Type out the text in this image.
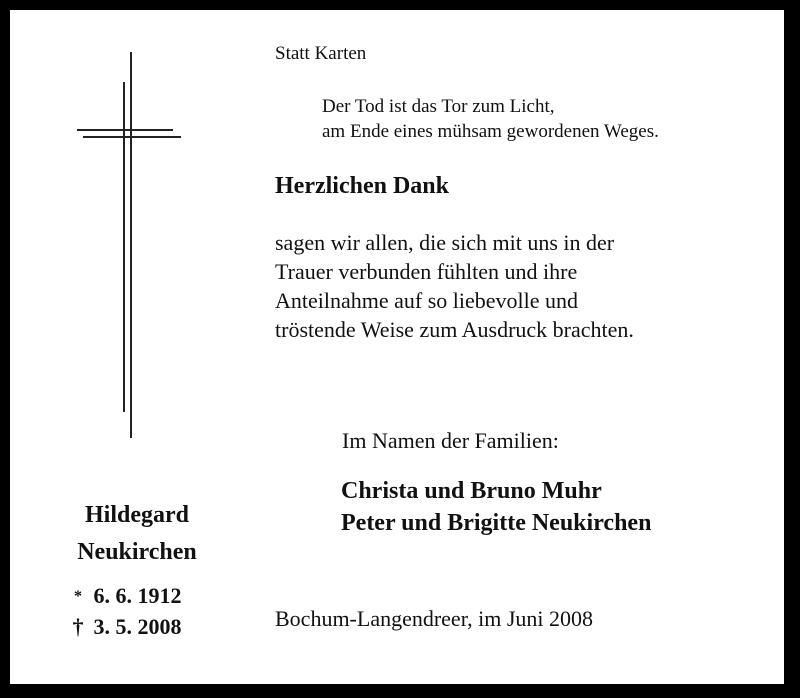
Statt Karten
Der Tod ist das Tor zum Licht,
am Ende eines mühsam gewordenen Weges.
Herzlichen Dank
sagen wir allen, die sich mit uns in der
Trauer verbunden fühlten und ihre
Anteilnahme auf so liebevolle und
tröstende Weise zum Ausdruck brachten.
Im Namen der Familien:
Christa und Bruno Muhr
Peter und Brigitte Neukirchen
Hildegard
Neukirchen
* 6. 6. 1912
† 3. 5. 2008	Bochum-Langendreer, im Juni 2008
